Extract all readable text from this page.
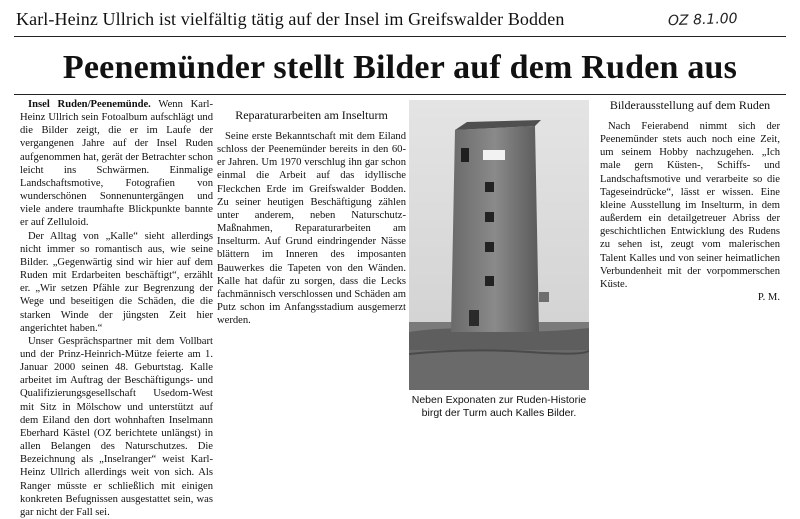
Karl-Heinz Ullrich ist vielfältig tätig auf der Insel im Greifswalder Bodden	OZ 8.1.00
Peenemünder stellt Bilder auf dem Ruden aus

Insel Ruden/Peenemünde. Wenn Karl-Heinz Ullrich sein Fotoalbum aufschlägt und die Bilder zeigt, die er im Laufe der vergangenen Jahre auf der Insel Ruden aufgenommen hat, gerät der Betrachter schon leicht ins Schwärmen. Einmalige Landschaftsmotive, Fotografien von wunderschönen Sonnenuntergängen und viele andere traumhafte Blickpunkte bannte er auf Zelluloid.

Der Alltag von „Kalle“ sieht allerdings nicht immer so romantisch aus, wie seine Bilder. „Gegenwärtig sind wir hier auf dem Ruden mit Erdarbeiten beschäftigt“, erzählt er. „Wir setzen Pfähle zur Begrenzung der Wege und beseitigen die Schäden, die die starken Winde der jüngsten Zeit hier angerichtet haben.“

Unser Gesprächspartner mit dem Vollbart und der Prinz-Heinrich-Mütze feierte am 1. Januar 2000 seinen 48. Geburtstag. Kalle arbeitet im Auftrag der Beschäftigungs- und Qualifizierungsgesellschaft Usedom-West mit Sitz in Mölschow und unterstützt auf dem Eiland den dort wohnhaften Inselmann Eberhard Kästel (OZ berichtete unlängst) in allen Belangen des Naturschutzes. Die Bezeichnung als „Inselranger“ weist Karl-Heinz Ullrich allerdings weit von sich. Als Ranger müsste er schließlich mit einigen konkreten Befugnissen ausgestattet sein, was gar nicht der Fall sei.

Reparaturarbeiten am Inselturm

Seine erste Bekanntschaft mit dem Eiland schloss der Peenemünder bereits in den 60-er Jahren. Um 1970 verschlug ihn gar schon einmal die Arbeit auf das idyllische Fleckchen Erde im Greifswalder Bodden. Zu seiner heutigen Beschäftigung zählen unter anderem, neben Naturschutz-Maßnahmen, Reparaturarbeiten am Inselturm. Auf Grund eindringender Nässe blättern im Inneren des imposanten Bauwerkes die Tapeten von den Wänden. Kalle hat dafür zu sorgen, dass die Lecks fachmännisch verschlossen und Schäden am Putz schon im Anfangsstadium ausgemerzt werden.

Neben Exponaten zur Ruden-Historie birgt der Turm auch Kalles Bilder.
Bilderausstellung auf dem Ruden

Nach Feierabend nimmt sich der Peenemünder stets auch noch eine Zeit, um seinem Hobby nachzugehen. „Ich male gern Küsten-, Schiffs- und Landschaftsmotive und verarbeite so die Tageseindrücke“, lässt er wissen. Eine kleine Ausstellung im Inselturm, in dem außerdem ein detailgetreuer Abriss der geschichtlichen Entwicklung des Rudens zu sehen ist, zeugt vom malerischen Talent Kalles und von seiner heimatlichen Verbundenheit mit der vorpommerschen Küste.

P. M.
